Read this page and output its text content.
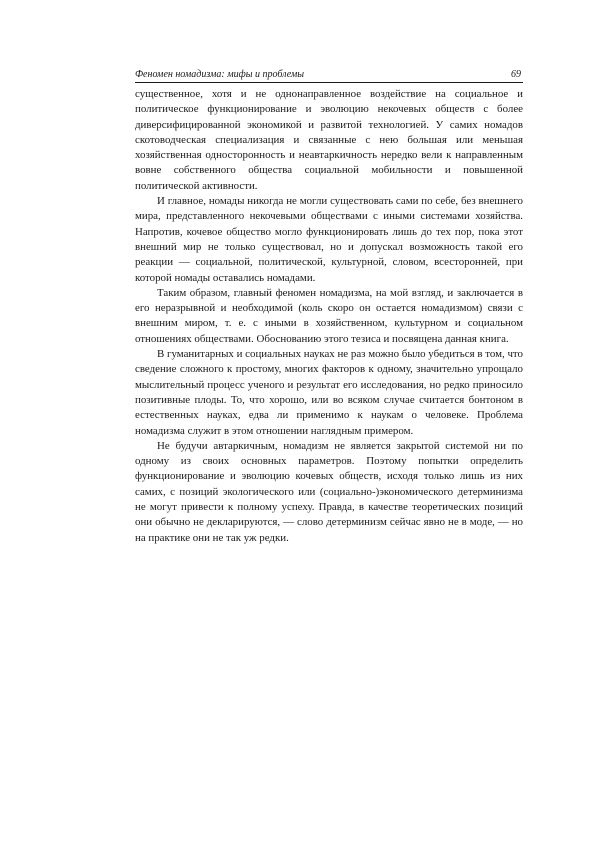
Феномен номадизма: мифы и проблемы	69

существенное, хотя и не однонаправленное воздействие на социальное и политическое функционирование и эволюцию некочевых обществ с более диверсифицированной экономикой и развитой технологией. У самих номадов скотоводческая специализация и связанные с нею большая или меньшая хозяйственная односторонность и неавтаркичность нередко вели к направленным вовне собственного общества социальной мобильности и повышенной политической активности.

И главное, номады никогда не могли существовать сами по себе, без внешнего мира, представленного некочевыми обществами с иными системами хозяйства. Напротив, кочевое общество могло функционировать лишь до тех пор, пока этот внешний мир не только существовал, но и допускал возможность такой его реакции — социальной, политической, культурной, словом, всесторонней, при которой номады оставались номадами.

Таким образом, главный феномен номадизма, на мой взгляд, и заключается в его неразрывной и необходимой (коль скоро он остается номадизмом) связи с внешним миром, т. е. с иными в хозяйственном, культурном и социальном отношениях обществами. Обоснованию этого тезиса и посвящена данная книга.

В гуманитарных и социальных науках не раз можно было убедиться в том, что сведение сложного к простому, многих факторов к одному, значительно упрощало мыслительный процесс ученого и результат его исследования, но редко приносило позитивные плоды. То, что хорошо, или во всяком случае считается бонтоном в естественных науках, едва ли применимо к наукам о человеке. Проблема номадизма служит в этом отношении наглядным примером.

Не будучи автаркичным, номадизм не является закрытой системой ни по одному из своих основных параметров. Поэтому попытки определить функционирование и эволюцию кочевых обществ, исходя только лишь из них самих, с позиций экологического или (социально-)экономического детерминизма не могут привести к полному успеху. Правда, в качестве теоретических позиций они обычно не декларируются, — слово детерминизм сейчас явно не в моде, — но на практике они не так уж редки.
